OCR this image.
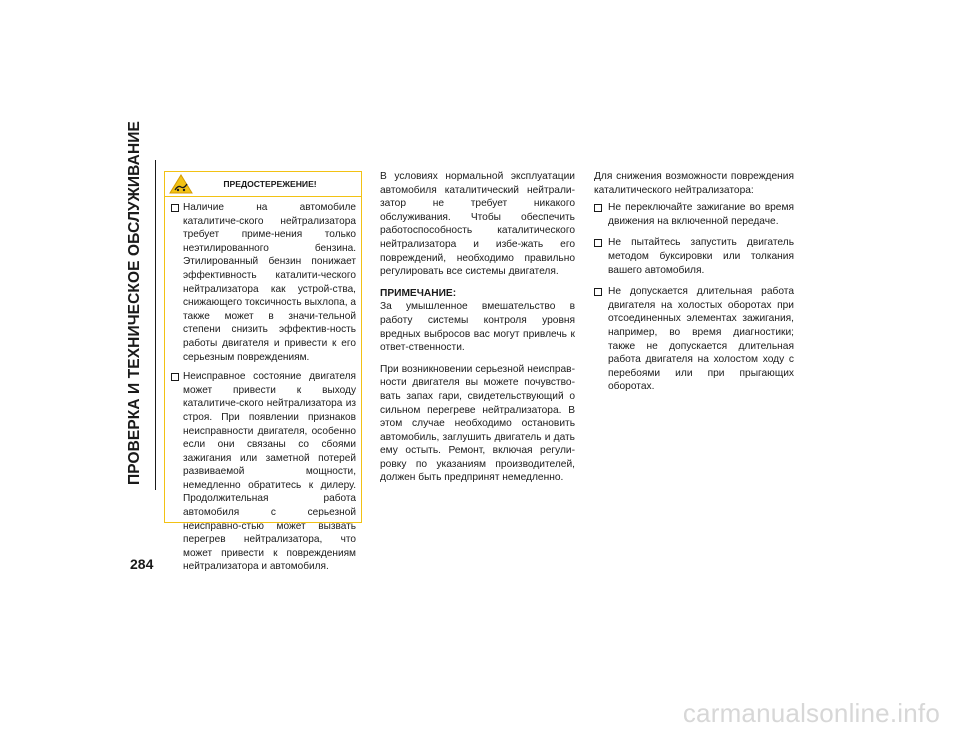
ПРОВЕРКА И ТЕХНИЧЕСКОЕ ОБСЛУЖИВАНИЕ
284
ПРЕДОСТЕРЕЖЕНИЕ!
Наличие на автомобиле каталитиче-ского нейтрализатора требует приме-нения только неэтилированного бензина. Этилированный бензин понижает эффективность каталити-ческого нейтрализатора как устрой-ства, снижающего токсичность выхлопа, а также может в значи-тельной степени снизить эффектив-ность работы двигателя и привести к его серьезным повреждениям.
Неисправное состояние двигателя может привести к выходу каталитиче-ского нейтрализатора из строя. При появлении признаков неисправности двигателя, особенно если они связаны со сбоями зажигания или заметной потерей развиваемой мощности, немедленно обратитесь к дилеру. Продолжительная работа автомобиля с серьезной неисправно-стью может вызвать перегрев нейтрализатора, что может привести к повреждениям нейтрализатора и автомобиля.

В условиях нормальной эксплуатации автомобиля каталитический нейтрали-затор не требует никакого обслуживания. Чтобы обеспечить работоспособность каталитического нейтрализатора и избе-жать его повреждений, необходимо правильно регулировать все системы двигателя.

ПРИМЕЧАНИЕ:

За умышленное вмешательство в работу системы контроля уровня вредных выбросов вас могут привлечь к ответ-ственности.

При возникновении серьезной неисправ-ности двигателя вы можете почувство-вать запах гари, свидетельствующий о сильном перегреве нейтрализатора. В этом случае необходимо остановить автомобиль, заглушить двигатель и дать ему остыть. Ремонт, включая регули-ровку по указаниям производителей, должен быть предпринят немедленно.

Для снижения возможности повреждения каталитического нейтрализатора:

Не переключайте зажигание во время движения на включенной передаче.
Не пытайтесь запустить двигатель методом буксировки или толкания вашего автомобиля.
Не допускается длительная работа двигателя на холостых оборотах при отсоединенных элементах зажигания, например, во время диагностики; также не допускается длительная работа двигателя на холостом ходу с перебоями или при прыгающих оборотах.
carmanualsonline.info
